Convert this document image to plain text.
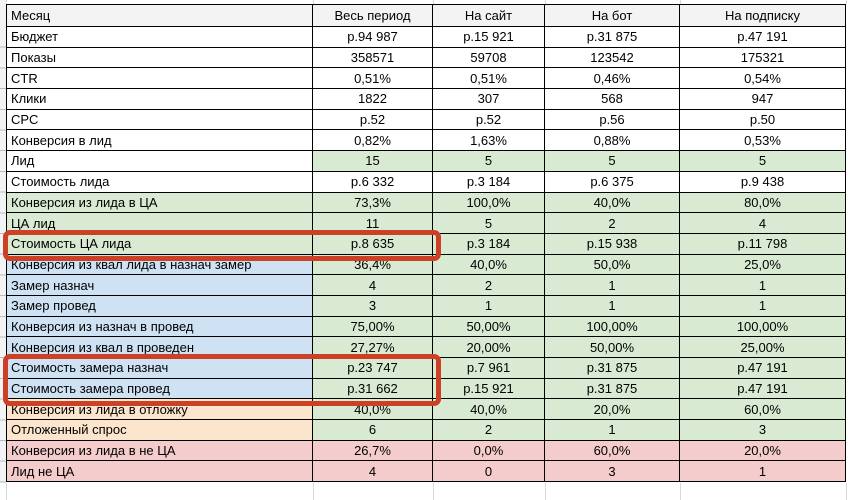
Месяц	Весь период	На сайт	На бот	На подписку
Бюджет	р.94 987	р.15 921	р.31 875	р.47 191
Показы	358571	59708	123542	175321
CTR	0,51%	0,51%	0,46%	0,54%
Клики	1822	307	568	947
CPC	р.52	р.52	р.56	р.50
Конверсия в лид	0,82%	1,63%	0,88%	0,53%
Лид	15	5	5	5
Стоимость лида	р.6 332	р.3 184	р.6 375	р.9 438
Конверсия из лида в ЦА	73,3%	100,0%	40,0%	80,0%
ЦА лид	11	5	2	4
Стоимость ЦА лида	р.8 635	р.3 184	р.15 938	р.11 798
Конверсия из квал лида в назнач замер	36,4%	40,0%	50,0%	25,0%
Замер назнач	4	2	1	1
Замер провед	3	1	1	1
Конверсия из назнач в провед	75,00%	50,00%	100,00%	100,00%
Конверсия из квал в проведен	27,27%	20,00%	50,00%	25,00%
Стоимость замера назнач	р.23 747	р.7 961	р.31 875	р.47 191
Стоимость замера провед	р.31 662	р.15 921	р.31 875	р.47 191
Конверсия из лида в отложку	40,0%	40,0%	20,0%	60,0%
Отложенный спрос	6	2	1	3
Конверсия из лида в не ЦА	26,7%	0,0%	60,0%	20,0%
Лид не ЦА	4	0	3	1
